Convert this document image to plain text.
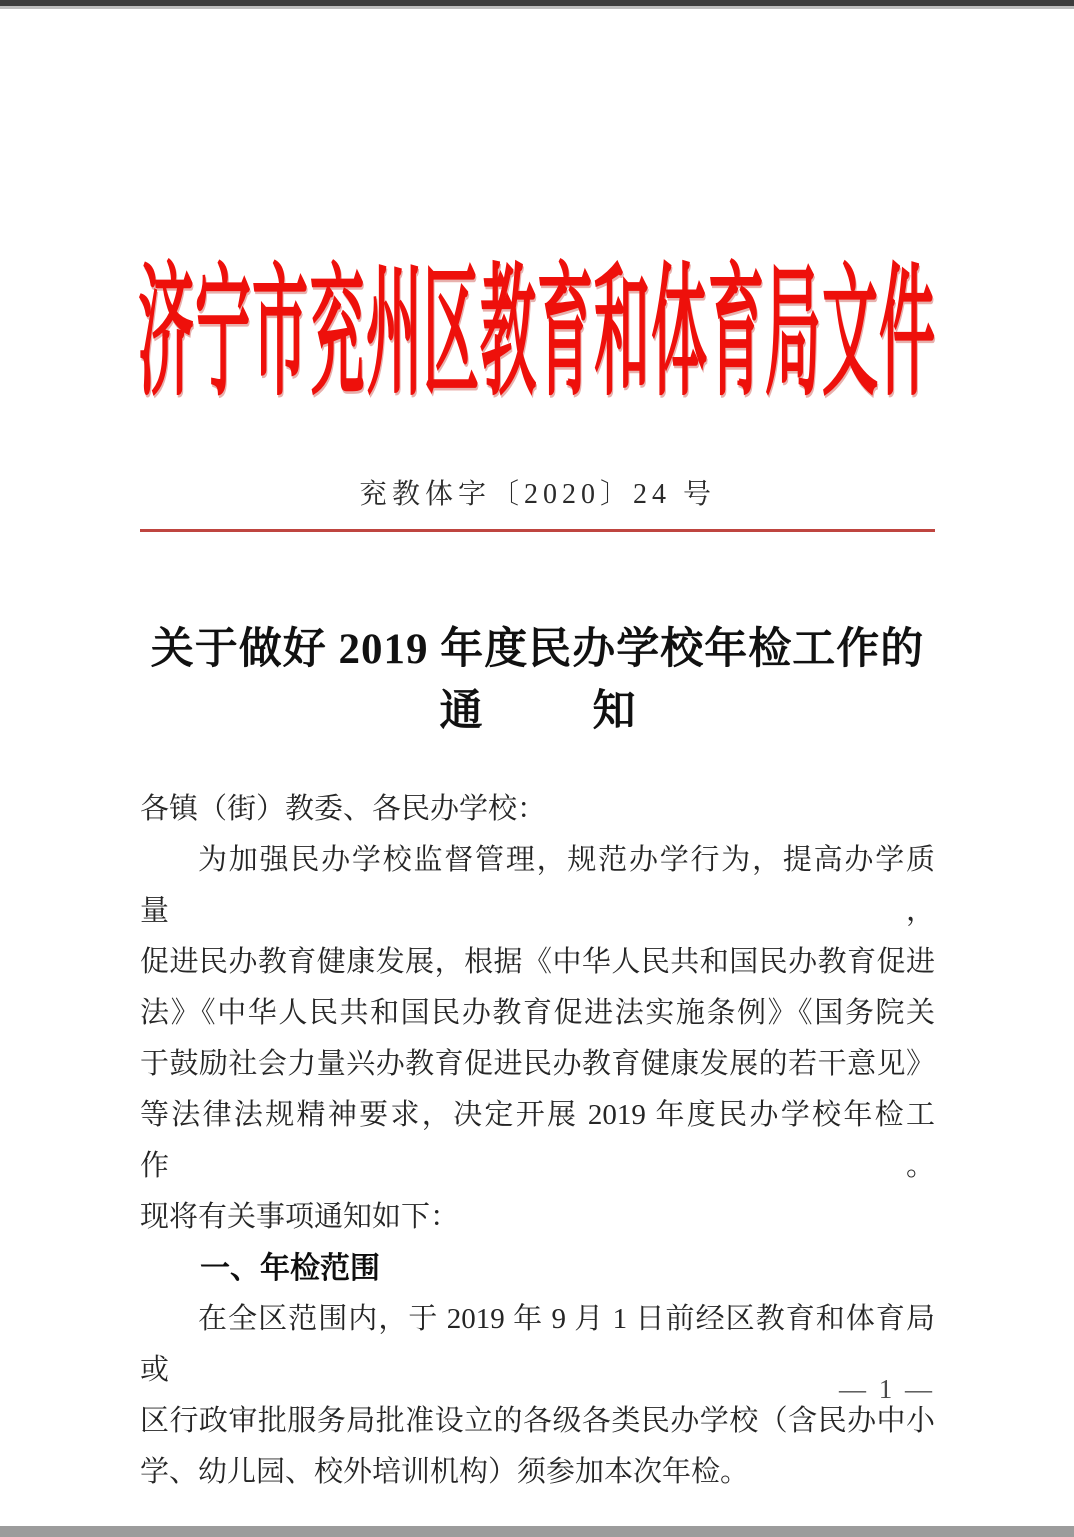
济宁市兖州区教育和体育局文件
兖教体字〔2020〕24 号
关于做好 2019 年度民办学校年检工作的
通	知
各镇（街）教委、各民办学校：
为加强民办学校监督管理，规范办学行为，提高办学质量，
促进民办教育健康发展，根据《中华人民共和国民办教育促进
法》《中华人民共和国民办教育促进法实施条例》《国务院关
于鼓励社会力量兴办教育促进民办教育健康发展的若干意见》
等法律法规精神要求，决定开展 2019 年度民办学校年检工作。
现将有关事项通知如下：
一、年检范围
在全区范围内，于 2019 年 9 月 1 日前经区教育和体育局或
区行政审批服务局批准设立的各级各类民办学校（含民办中小
学、幼儿园、校外培训机构）须参加本次年检。
— 1 —
